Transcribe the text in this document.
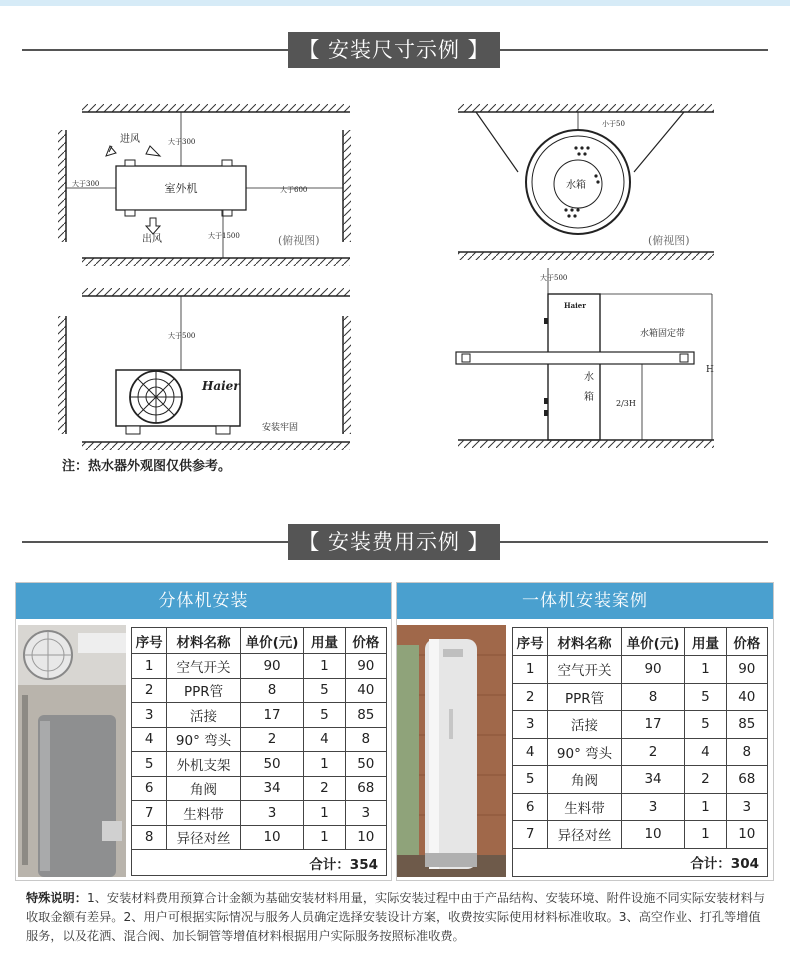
【 安装尺寸示例 】
室外机
进风
出风
大于300
大于300
大于600
大于1500	(俯视图)
大于500
Haier
安装牢固
水箱
小于50
(俯视图)
大于500
Haier
水
箱
水箱固定带
H
2/3H
注：热水器外观图仅供参考。
【 安装费用示例 】
分体机安装
序号	材料名称	单价(元)	用量	价格
1	空气开关	90	1	90
2	PPR管	8	5	40
3	活接	17	5	85
4	90° 弯头	2	4	8
5	外机支架	50	1	50
6	角阀	34	2	68
7	生料带	3	1	3
8	异径对丝	10	1	10
合计：354				
一体机安装案例
序号	材料名称	单价(元)	用量	价格
1	空气开关	90	1	90
2	PPR管	8	5	40
3	活接	17	5	85
4	90° 弯头	2	4	8
5	角阀	34	2	68
6	生料带	3	1	3
7	异径对丝	10	1	10
合计：304				
特殊说明：1、安装材料费用预算合计金额为基础安装材料用量，实际安装过程中由于产品结构、安装环境、附件设施不同实际安装材料与收取金额有差异。2、用户可根据实际情况与服务人员确定选择安装设计方案，收费按实际使用材料标准收取。3、高空作业、打孔等增值服务，以及花洒、混合阀、加长铜管等增值材料根据用户实际服务按照标准收费。
